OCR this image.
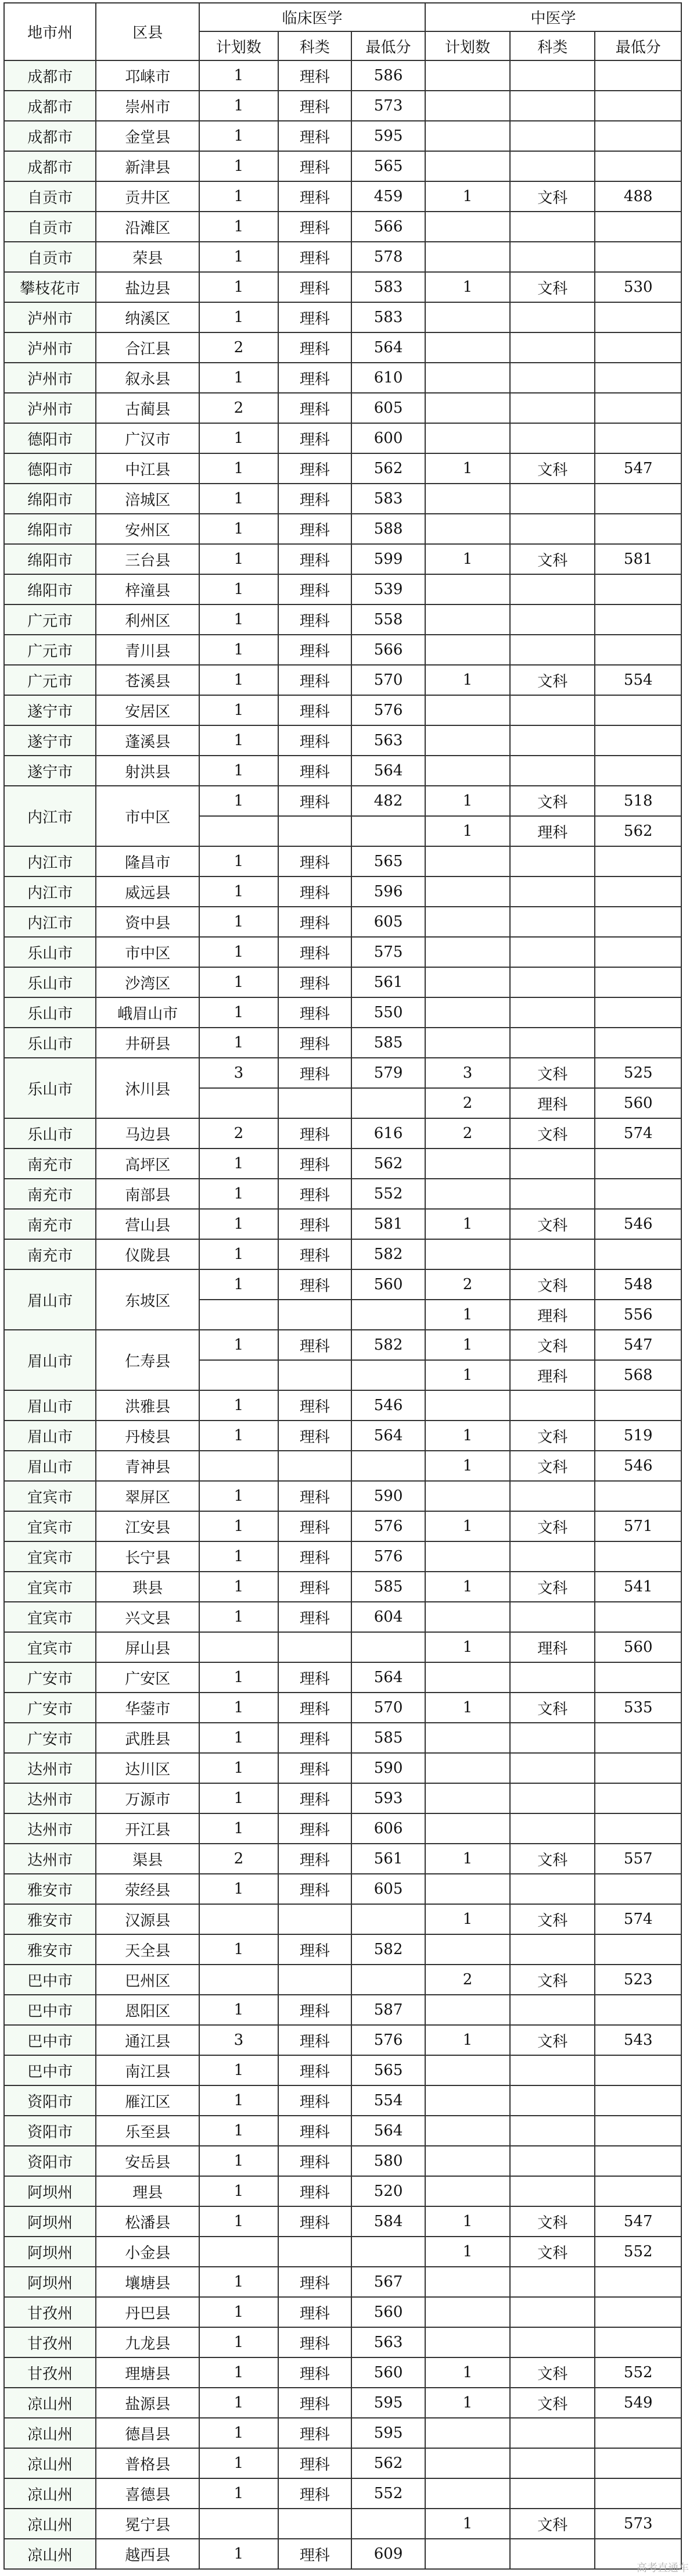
地市州	区县	临床医学			中医学		
		计划数	科类	最低分	计划数	科类	最低分
成都市	邛崃市	1	理科	586			
成都市	崇州市	1	理科	573			
成都市	金堂县	1	理科	595			
成都市	新津县	1	理科	565			
自贡市	贡井区	1	理科	459	1	文科	488
自贡市	沿滩区	1	理科	566			
自贡市	荣县	1	理科	578			
攀枝花市	盐边县	1	理科	583	1	文科	530
泸州市	纳溪区	1	理科	583			
泸州市	合江县	2	理科	564			
泸州市	叙永县	1	理科	610			
泸州市	古蔺县	2	理科	605			
德阳市	广汉市	1	理科	600			
德阳市	中江县	1	理科	562	1	文科	547
绵阳市	涪城区	1	理科	583			
绵阳市	安州区	1	理科	588			
绵阳市	三台县	1	理科	599	1	文科	581
绵阳市	梓潼县	1	理科	539			
广元市	利州区	1	理科	558			
广元市	青川县	1	理科	566			
广元市	苍溪县	1	理科	570	1	文科	554
遂宁市	安居区	1	理科	576			
遂宁市	蓬溪县	1	理科	563			
遂宁市	射洪县	1	理科	564			
内江市	市中区	1	理科	482	1	文科	518
					1	理科	562
内江市	隆昌市	1	理科	565			
内江市	威远县	1	理科	596			
内江市	资中县	1	理科	605			
乐山市	市中区	1	理科	575			
乐山市	沙湾区	1	理科	561			
乐山市	峨眉山市	1	理科	550			
乐山市	井研县	1	理科	585			
乐山市	沐川县	3	理科	579	3	文科	525
					2	理科	560
乐山市	马边县	2	理科	616	2	文科	574
南充市	高坪区	1	理科	562			
南充市	南部县	1	理科	552			
南充市	营山县	1	理科	581	1	文科	546
南充市	仪陇县	1	理科	582			
眉山市	东坡区	1	理科	560	2	文科	548
					1	理科	556
眉山市	仁寿县	1	理科	582	1	文科	547
					1	理科	568
眉山市	洪雅县	1	理科	546			
眉山市	丹棱县	1	理科	564	1	文科	519
眉山市	青神县				1	文科	546
宜宾市	翠屏区	1	理科	590			
宜宾市	江安县	1	理科	576	1	文科	571
宜宾市	长宁县	1	理科	576			
宜宾市	珙县	1	理科	585	1	文科	541
宜宾市	兴文县	1	理科	604			
宜宾市	屏山县				1	理科	560
广安市	广安区	1	理科	564			
广安市	华蓥市	1	理科	570	1	文科	535
广安市	武胜县	1	理科	585			
达州市	达川区	1	理科	590			
达州市	万源市	1	理科	593			
达州市	开江县	1	理科	606			
达州市	渠县	2	理科	561	1	文科	557
雅安市	荥经县	1	理科	605			
雅安市	汉源县				1	文科	574
雅安市	天全县	1	理科	582			
巴中市	巴州区				2	文科	523
巴中市	恩阳区	1	理科	587			
巴中市	通江县	3	理科	576	1	文科	543
巴中市	南江县	1	理科	565			
资阳市	雁江区	1	理科	554			
资阳市	乐至县	1	理科	564			
资阳市	安岳县	1	理科	580			
阿坝州	理县	1	理科	520			
阿坝州	松潘县	1	理科	584	1	文科	547
阿坝州	小金县				1	文科	552
阿坝州	壤塘县	1	理科	567			
甘孜州	丹巴县	1	理科	560			
甘孜州	九龙县	1	理科	563			
甘孜州	理塘县	1	理科	560	1	文科	552
凉山州	盐源县	1	理科	595	1	文科	549
凉山州	德昌县	1	理科	595			
凉山州	普格县	1	理科	562			
凉山州	喜德县	1	理科	552			
凉山州	冕宁县				1	文科	573
凉山州	越西县	1	理科	609			
高考直通车
